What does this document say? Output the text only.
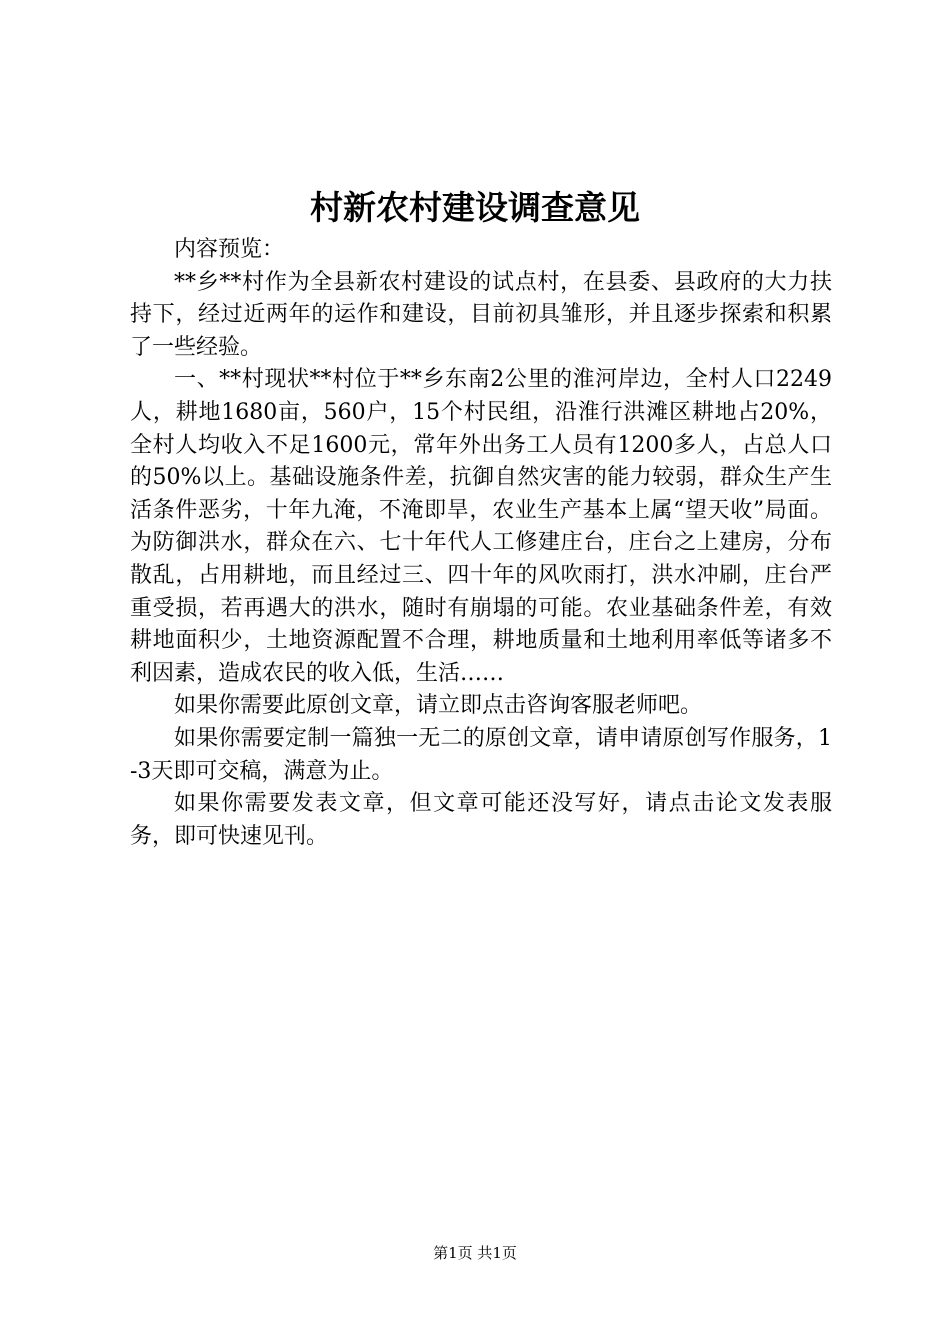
村新农村建设调查意见

内容预览：

**乡**村作为全县新农村建设的试点村，在县委、县政府的大力扶持下，经过近两年的运作和建设，目前初具雏形，并且逐步探索和积累了一些经验。

一、**村现状**村位于**乡东南2公里的淮河岸边，全村人口2249人，耕地1680亩，560户，15个村民组，沿淮行洪滩区耕地占20%，全村人均收入不足1600元，常年外出务工人员有1200多人，占总人口的50%以上。基础设施条件差，抗御自然灾害的能力较弱，群众生产生活条件恶劣，十年九淹，不淹即旱，农业生产基本上属“望天收”局面。为防御洪水，群众在六、七十年代人工修建庄台，庄台之上建房，分布散乱，占用耕地，而且经过三、四十年的风吹雨打，洪水冲刷，庄台严重受损，若再遇大的洪水，随时有崩塌的可能。农业基础条件差，有效耕地面积少，土地资源配置不合理，耕地质量和土地利用率低等诸多不利因素，造成农民的收入低，生活……

如果你需要此原创文章，请立即点击咨询客服老师吧。

如果你需要定制一篇独一无二的原创文章，请申请原创写作服务，1-3天即可交稿，满意为止。

如果你需要发表文章，但文章可能还没写好，请点击论文发表服务，即可快速见刊。

第1页 共1页
